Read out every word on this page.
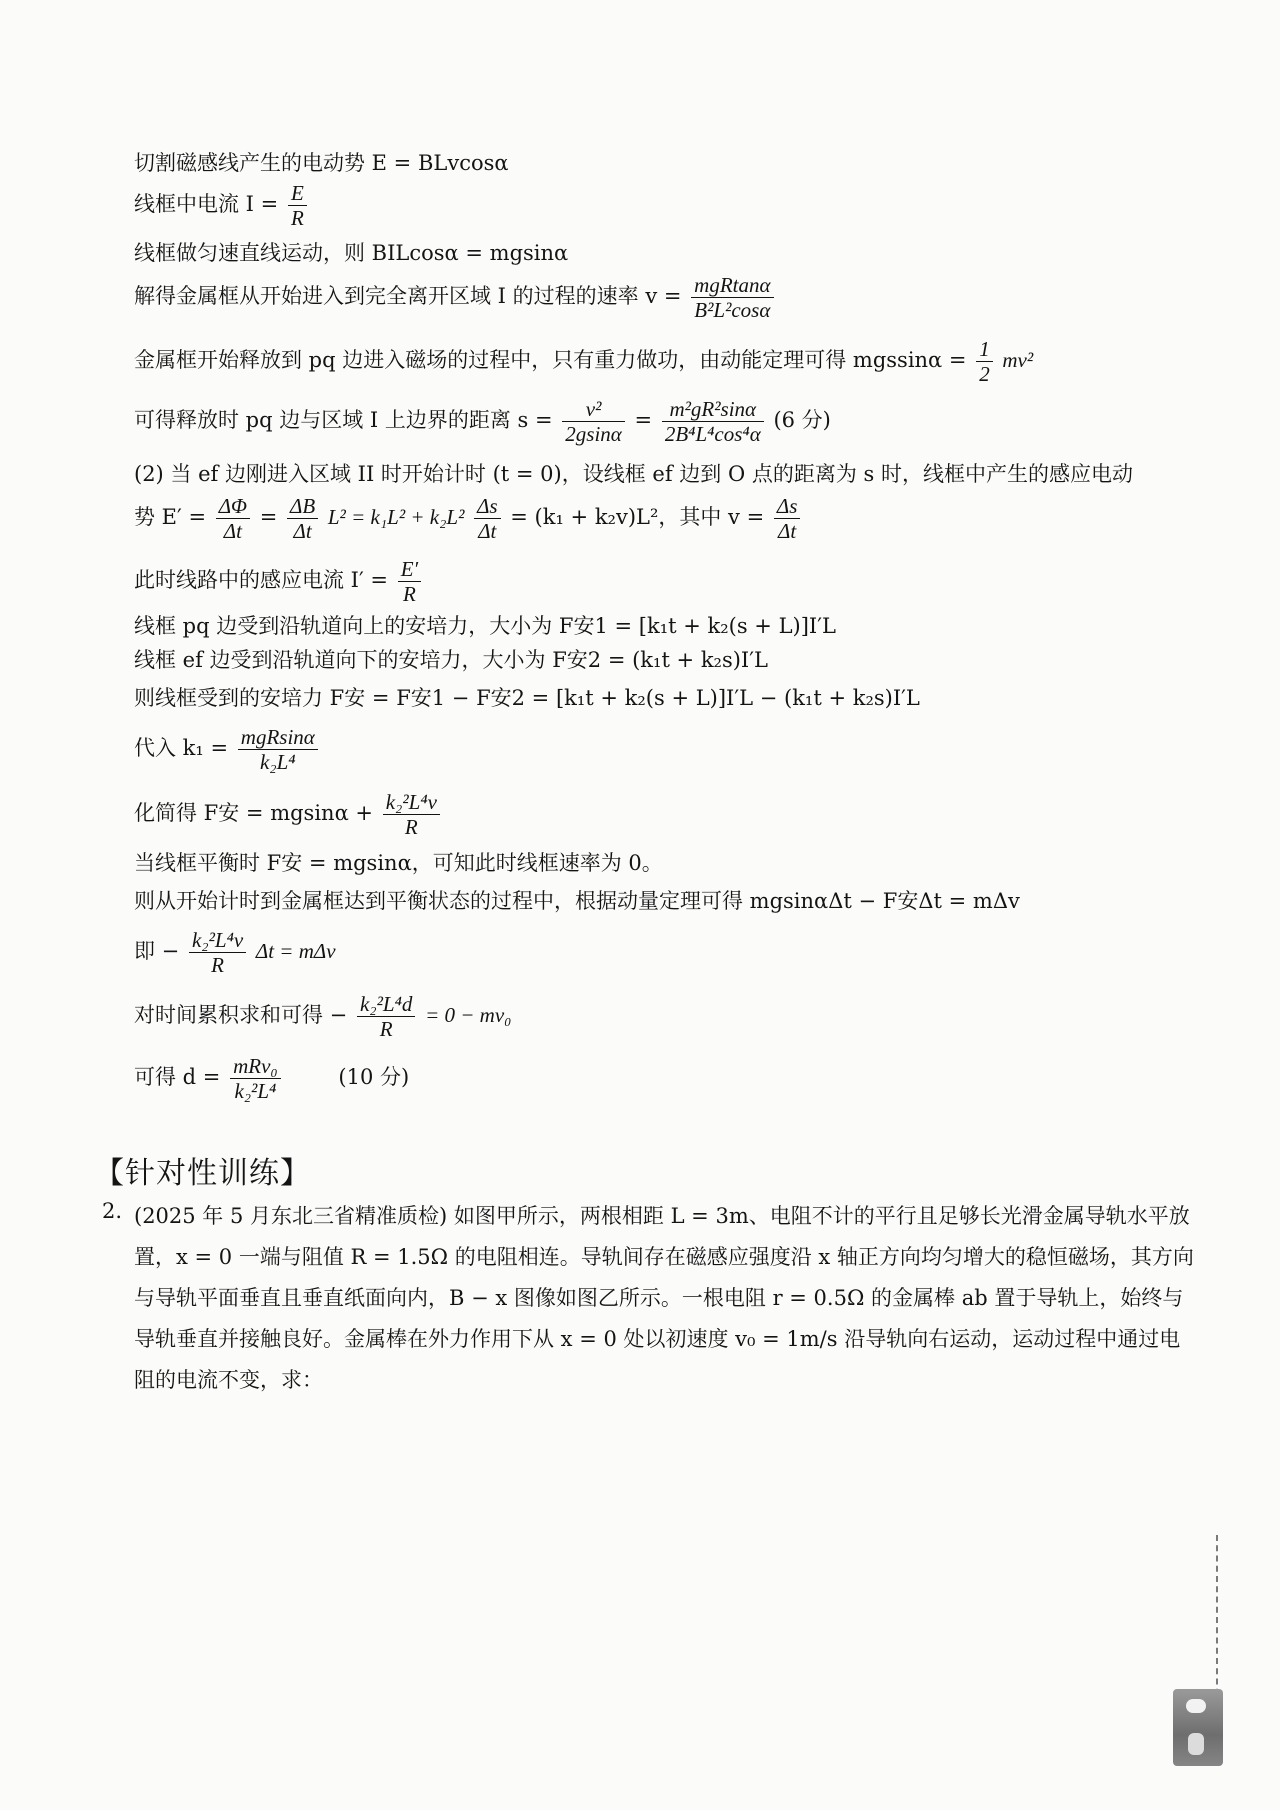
切割磁感线产生的电动势 E = BLvcosα
线框中电流 $I = \frac{E}{R}$
线框做匀速直线运动，则 BILcosα = mgsinα
解得金属框从开始进入到完全离开区域 I 的过程的速率 $v = \frac{\text{mgRtanα}}{\text{B²L²cosα}}$
金属框开始释放到 pq 边进入磁场的过程中，只有重力做功，由动能定理可得 $mgssin\alpha = \frac{1}{2} mv^2$
可得释放时 pq 边与区域 I 上边界的距离 $s = \frac{\text{v²}}{2gsin\alpha} = \frac{\text{m²gR²sinα}}{\text{2B⁴L⁴cos⁴α}} (6$ 分)
(2) 当 ef 边刚进入区域 II 时开始计时 (t = 0)，设线框 ef 边到 O 点的距离为 s 时，线框中产生的感应电动
势 $E' = \frac{\Delta\Phi}{\Delta t} = \frac{\Delta B}{\Delta t} L^2 = k_1L^2 + k_2L^2 \frac{\Delta s}{\Delta t} = (k_1 + k_2v)L^2$，其中 $v = \frac{\Delta s}{\Delta t}$
此时线路中的感应电流 $I' = \frac{E'}{R}$
线框 pq 边受到沿轨道向上的安培力，大小为 F安1 = [k₁t + k₂(s + L)]I′L
线框 ef 边受到沿轨道向下的安培力，大小为 F安2 = (k₁t + k₂s)I′L
则线框受到的安培力 F安 = F安1 − F安2 = [k₁t + k₂(s + L)]I′L − (k₁t + k₂s)I′L
代入 $k_1 = \frac{\text{mgRsinα}}{\text{k₂L⁴}}$
化简得 F安 = $mgsin\alpha + \frac{\text{k₂²L⁴v}}{R}$
当线框平衡时 F安 = mgsinα，可知此时线框速率为 0。
则从开始计时到金属框达到平衡状态的过程中，根据动量定理可得 mgsinαΔt − F安Δt = mΔv
即 − $\frac{\text{k₂²L⁴v}}{R}$ Δt = mΔv
对时间累积求和可得 − $\frac{\text{k₂²L⁴d}}{R} = 0 - mv_0$
可得 $d = \frac{\text{mRv₀}}{\text{k₂²L⁴}}$	(10 分)
【针对性训练】
2. (2025 年 5 月东北三省精准质检) 如图甲所示，两根相距 L = 3m、电阻不计的平行且足够长光滑金属导轨水平放置，x = 0 一端与阻值 R = 1.5Ω 的电阻相连。导轨间存在磁感应强度沿 x 轴正方向均匀增大的稳恒磁场，其方向与导轨平面垂直且垂直纸面向内，B − x 图像如图乙所示。一根电阻 r = 0.5Ω 的金属棒 ab 置于导轨上，始终与导轨垂直并接触良好。金属棒在外力作用下从 x = 0 处以初速度 v₀ = 1m/s 沿导轨向右运动，运动过程中通过电阻的电流不变，求：
